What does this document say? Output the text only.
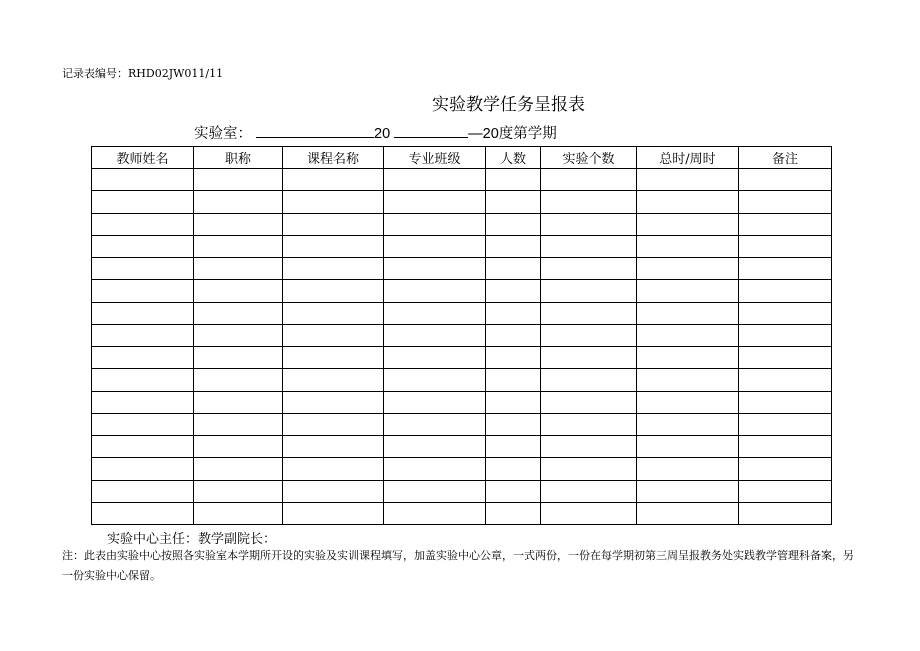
记录表编号：RHD02JW011/11
实验教学任务呈报表
实验室：	20	—20度第学期
教师姓名	职称	课程名称	专业班级	人数	实验个数	总时/周时	备注

实验中心主任：教学副院长：
注：此表由实验中心按照各实验室本学期所开设的实验及实训课程填写，加盖实验中心公章，一式两份，一份在每学期初第三周呈报教务处实践教学管理科备案，另一份实验中心保留。
